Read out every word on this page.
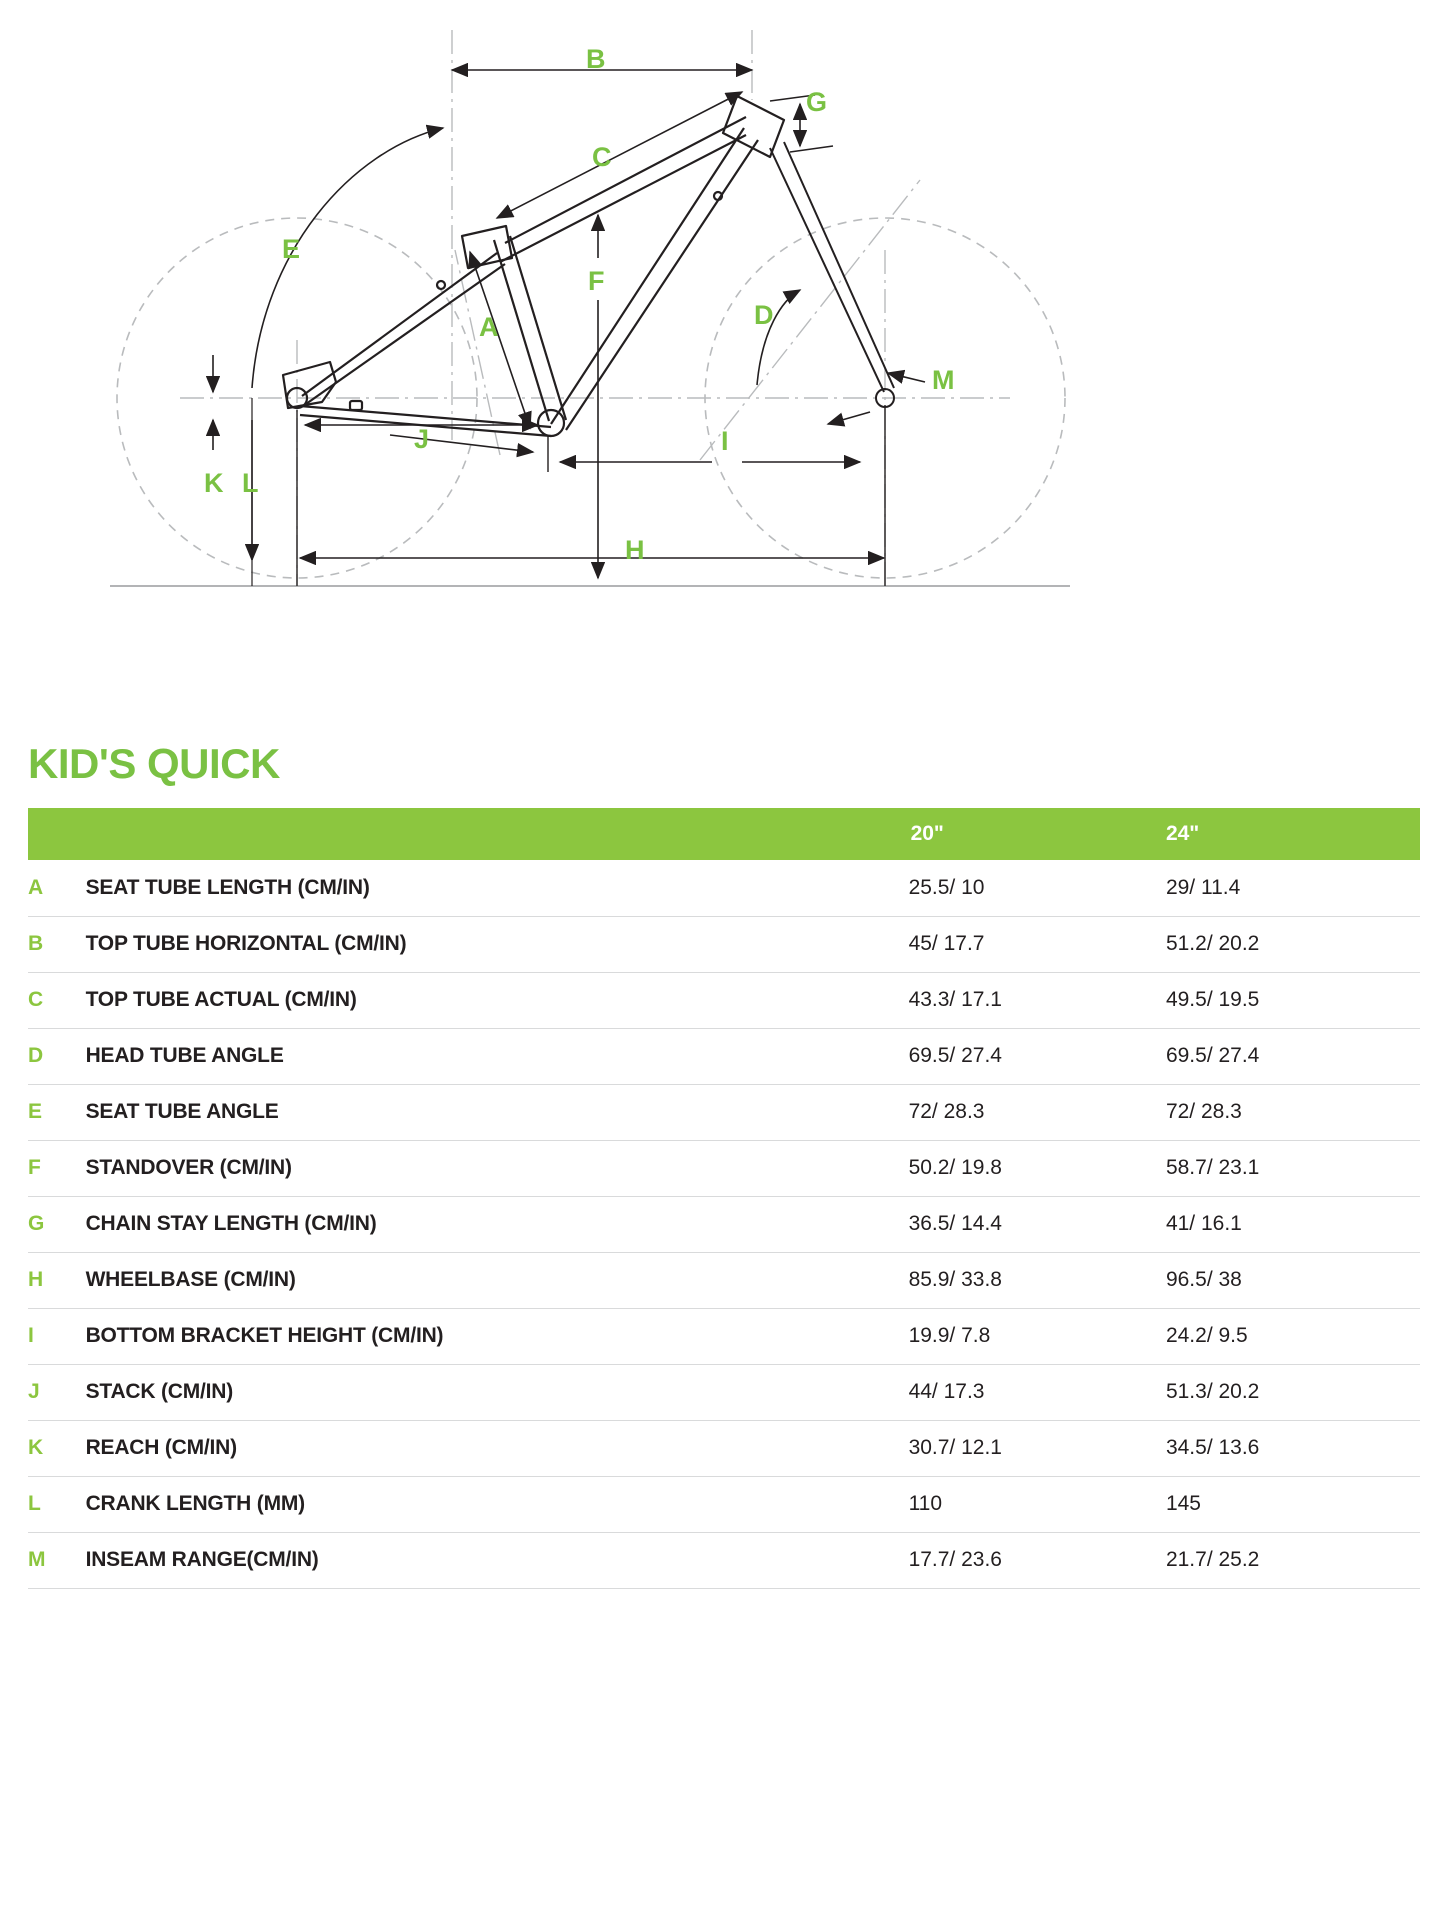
B
G
C
E
F
D
A
M
J	I
K L
H
KID'S QUICK
		20"	24"
A	SEAT TUBE LENGTH (CM/IN)	25.5/ 10	29/ 11.4
B	TOP TUBE HORIZONTAL (CM/IN)	45/ 17.7	51.2/ 20.2
C	TOP TUBE ACTUAL (CM/IN)	43.3/ 17.1	49.5/ 19.5
D	HEAD TUBE ANGLE	69.5/ 27.4	69.5/ 27.4
E	SEAT TUBE ANGLE	72/ 28.3	72/ 28.3
F	STANDOVER (CM/IN)	50.2/ 19.8	58.7/ 23.1
G	CHAIN STAY LENGTH (CM/IN)	36.5/ 14.4	41/ 16.1
H	WHEELBASE (CM/IN)	85.9/ 33.8	96.5/ 38
I	BOTTOM BRACKET HEIGHT (CM/IN)	19.9/ 7.8	24.2/ 9.5
J	STACK (CM/IN)	44/ 17.3	51.3/ 20.2
K	REACH (CM/IN)	30.7/ 12.1	34.5/ 13.6
L	CRANK LENGTH (MM)	110	145
M	INSEAM RANGE(CM/IN)	17.7/ 23.6	21.7/ 25.2
